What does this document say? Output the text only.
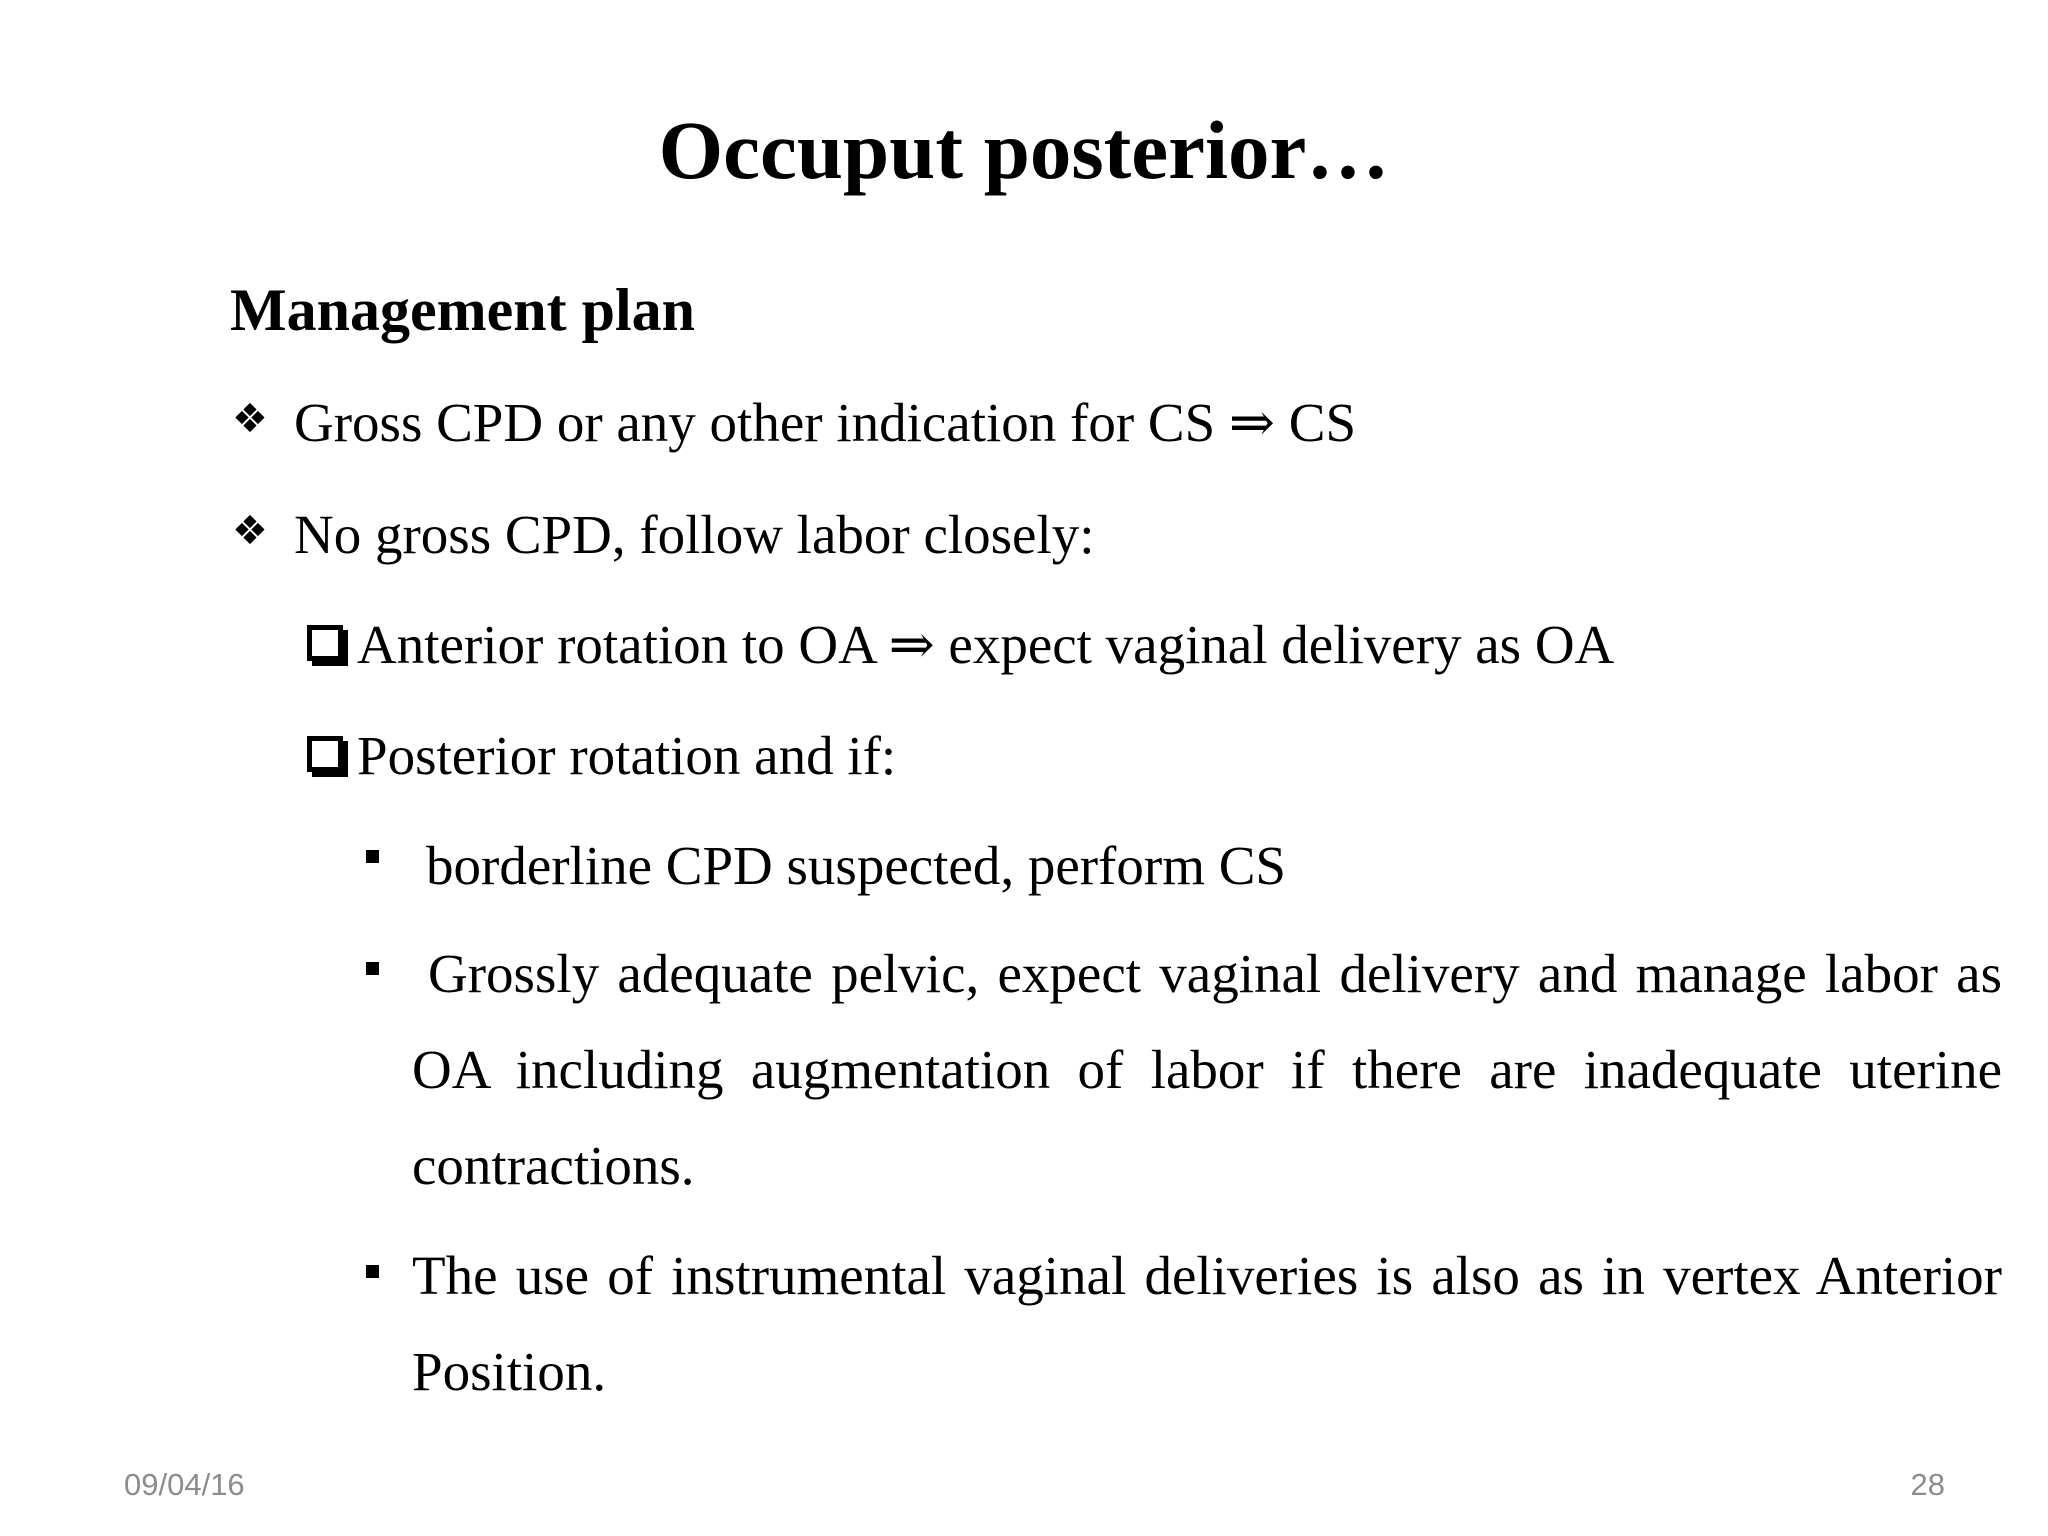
Occuput posterior…
Management plan
❖ Gross CPD or any other indication for CS ⇒ CS
❖ No gross CPD, follow labor closely:
Anterior rotation to OA ⇒ expect vaginal delivery as OA
Posterior rotation and if:

borderline CPD suspected, perform CS

Grossly adequate pelvic, expect vaginal delivery and manage labor as OA including augmentation of labor if there are inadequate uterine contractions.

The use of instrumental vaginal deliveries is also as in vertex Anterior Position.

09/04/16	28
